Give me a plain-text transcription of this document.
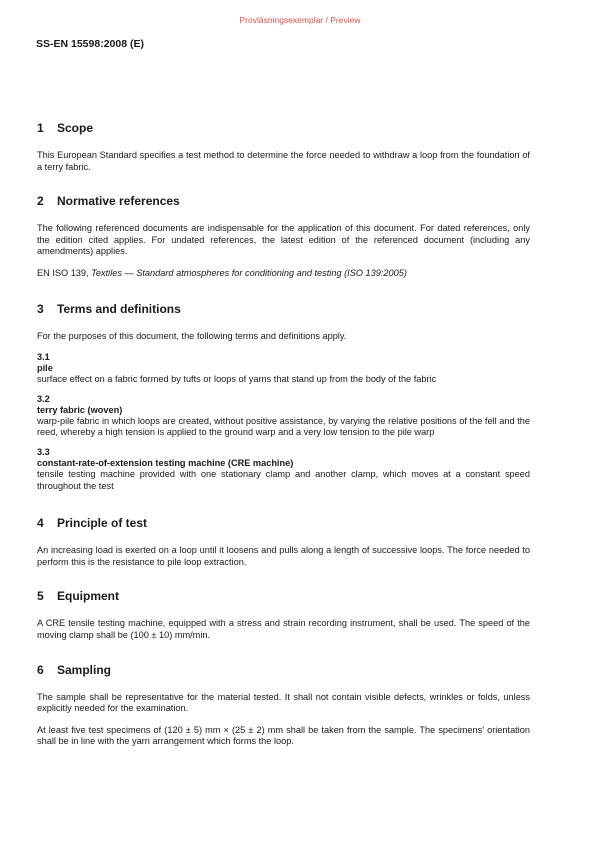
Provläsningsexemplar / Preview
SS-EN 15598:2008 (E)
1 Scope

This European Standard specifies a test method to determine the force needed to withdraw a loop from the foundation of a terry fabric.

2 Normative references

The following referenced documents are indispensable for the application of this document. For dated references, only the edition cited applies. For undated references, the latest edition of the referenced document (including any amendments) applies.

EN ISO 139, Textiles — Standard atmospheres for conditioning and testing (ISO 139:2005)
3 Terms and definitions

For the purposes of this document, the following terms and definitions apply.

3.1
pile
surface effect on a fabric formed by tufts or loops of yarns that stand up from the body of the fabric
3.2
terry fabric (woven)
warp-pile fabric in which loops are created, without positive assistance, by varying the relative positions of the fell and the reed, whereby a high tension is applied to the ground warp and a very low tension to the pile warp
3.3
constant-rate-of-extension testing machine (CRE machine)
tensile testing machine provided with one stationary clamp and another clamp, which moves at a constant speed throughout the test
4 Principle of test

An increasing load is exerted on a loop until it loosens and pulls along a length of successive loops. The force needed to perform this is the resistance to pile loop extraction.

5 Equipment

A CRE tensile testing machine, equipped with a stress and strain recording instrument, shall be used. The speed of the moving clamp shall be (100 ± 10) mm/min.

6 Sampling

The sample shall be representative for the material tested. It shall not contain visible defects, wrinkles or folds, unless explicitly needed for the examination.

At least five test specimens of (120 ± 5) mm × (25 ± 2) mm shall be taken from the sample. The specimens' orientation shall be in line with the yarn arrangement which forms the loop.
